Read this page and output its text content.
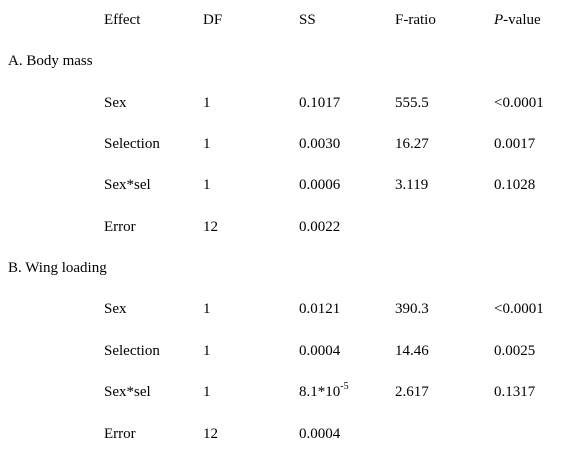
Effect	DF	SS	F-ratio	P-value
A. Body mass
Sex	1	0.1017	555.5	<0.0001
Selection	1	0.0030	16.27	0.0017
Sex*sel	1	0.0006	3.119	0.1028
Error	12	0.0022
B. Wing loading
Sex	1	0.0121	390.3	<0.0001
Selection	1	0.0004	14.46	0.0025
Sex*sel	1	$8.1*10^{-5}$	2.617	0.1317
Error	12	0.0004
